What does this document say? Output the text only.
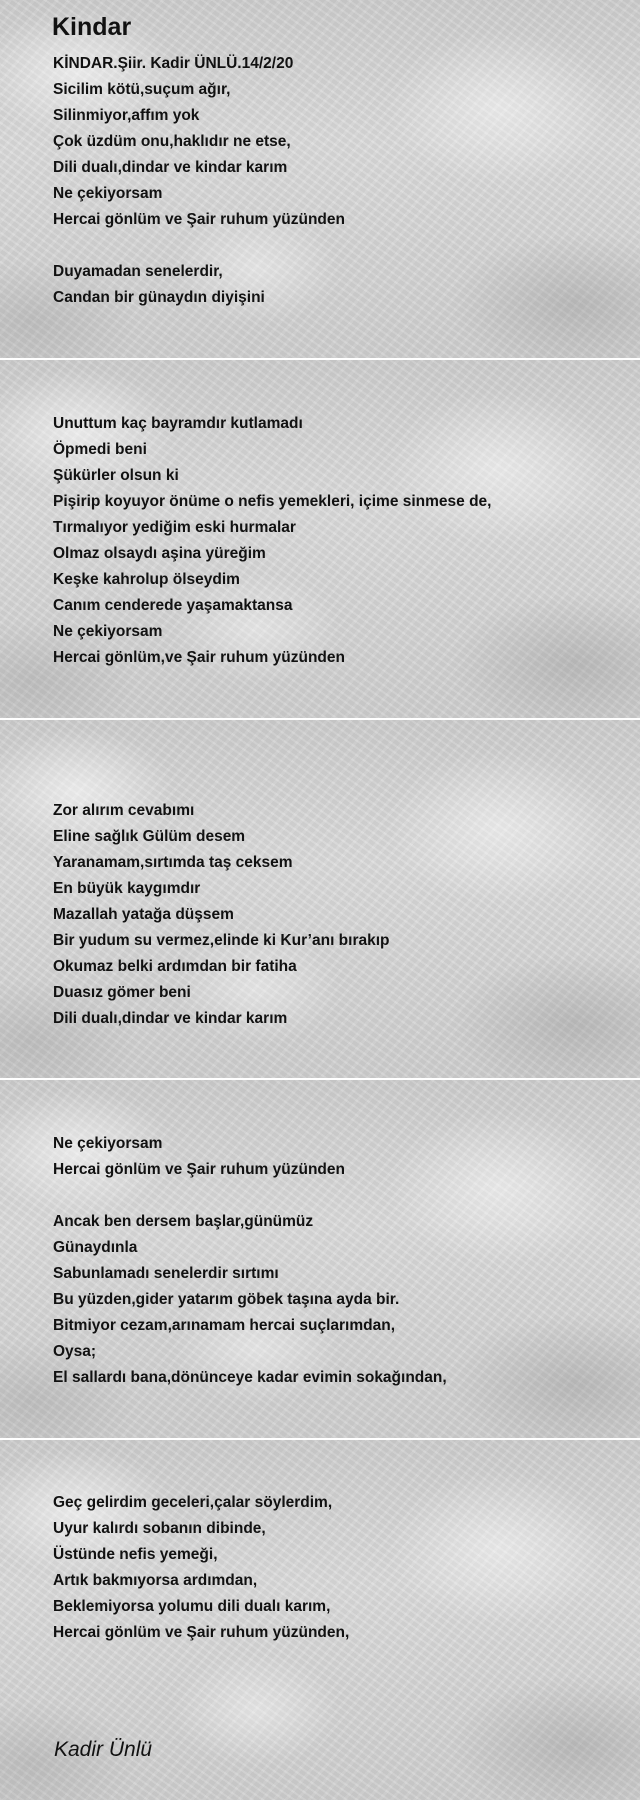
Kindar
KİNDAR.Şiir. Kadir ÜNLÜ.14/2/20
Sicilim kötü,suçum ağır,
Silinmiyor,affım yok
Çok üzdüm onu,haklıdır ne etse,
Dili dualı,dindar ve kindar karım
Ne çekiyorsam
Hercai gönlüm ve Şair ruhum yüzünden
Duyamadan senelerdir,
Candan bir günaydın diyişini
Unuttum kaç bayramdır kutlamadı
Öpmedi beni
Şükürler olsun ki
Pişirip koyuyor önüme o nefis yemekleri, içime sinmese de,
Tırmalıyor yediğim eski hurmalar
Olmaz olsaydı aşina yüreğim
Keşke kahrolup ölseydim
Canım cenderede yaşamaktansa
Ne çekiyorsam
Hercai gönlüm,ve Şair ruhum yüzünden
Zor alırım cevabımı
Eline sağlık Gülüm desem
Yaranamam,sırtımda taş ceksem
En büyük kaygımdır
Mazallah yatağa düşsem
Bir yudum su vermez,elinde ki Kur’anı bırakıp
Okumaz belki ardımdan bir fatiha
Duasız gömer beni
Dili dualı,dindar ve kindar karım
Ne çekiyorsam
Hercai gönlüm ve Şair ruhum yüzünden
Ancak ben dersem başlar,günümüz
Günaydınla
Sabunlamadı senelerdir sırtımı
Bu yüzden,gider yatarım göbek taşına ayda bir.
Bitmiyor cezam,arınamam hercai suçlarımdan,
Oysa;
El sallardı bana,dönünceye kadar evimin sokağından,
Geç gelirdim geceleri,çalar söylerdim,
Uyur kalırdı sobanın dibinde,
Üstünde nefis yemeği,
Artık bakmıyorsa ardımdan,
Beklemiyorsa yolumu dili dualı karım,
Hercai gönlüm ve Şair ruhum yüzünden,
Kadir Ünlü
